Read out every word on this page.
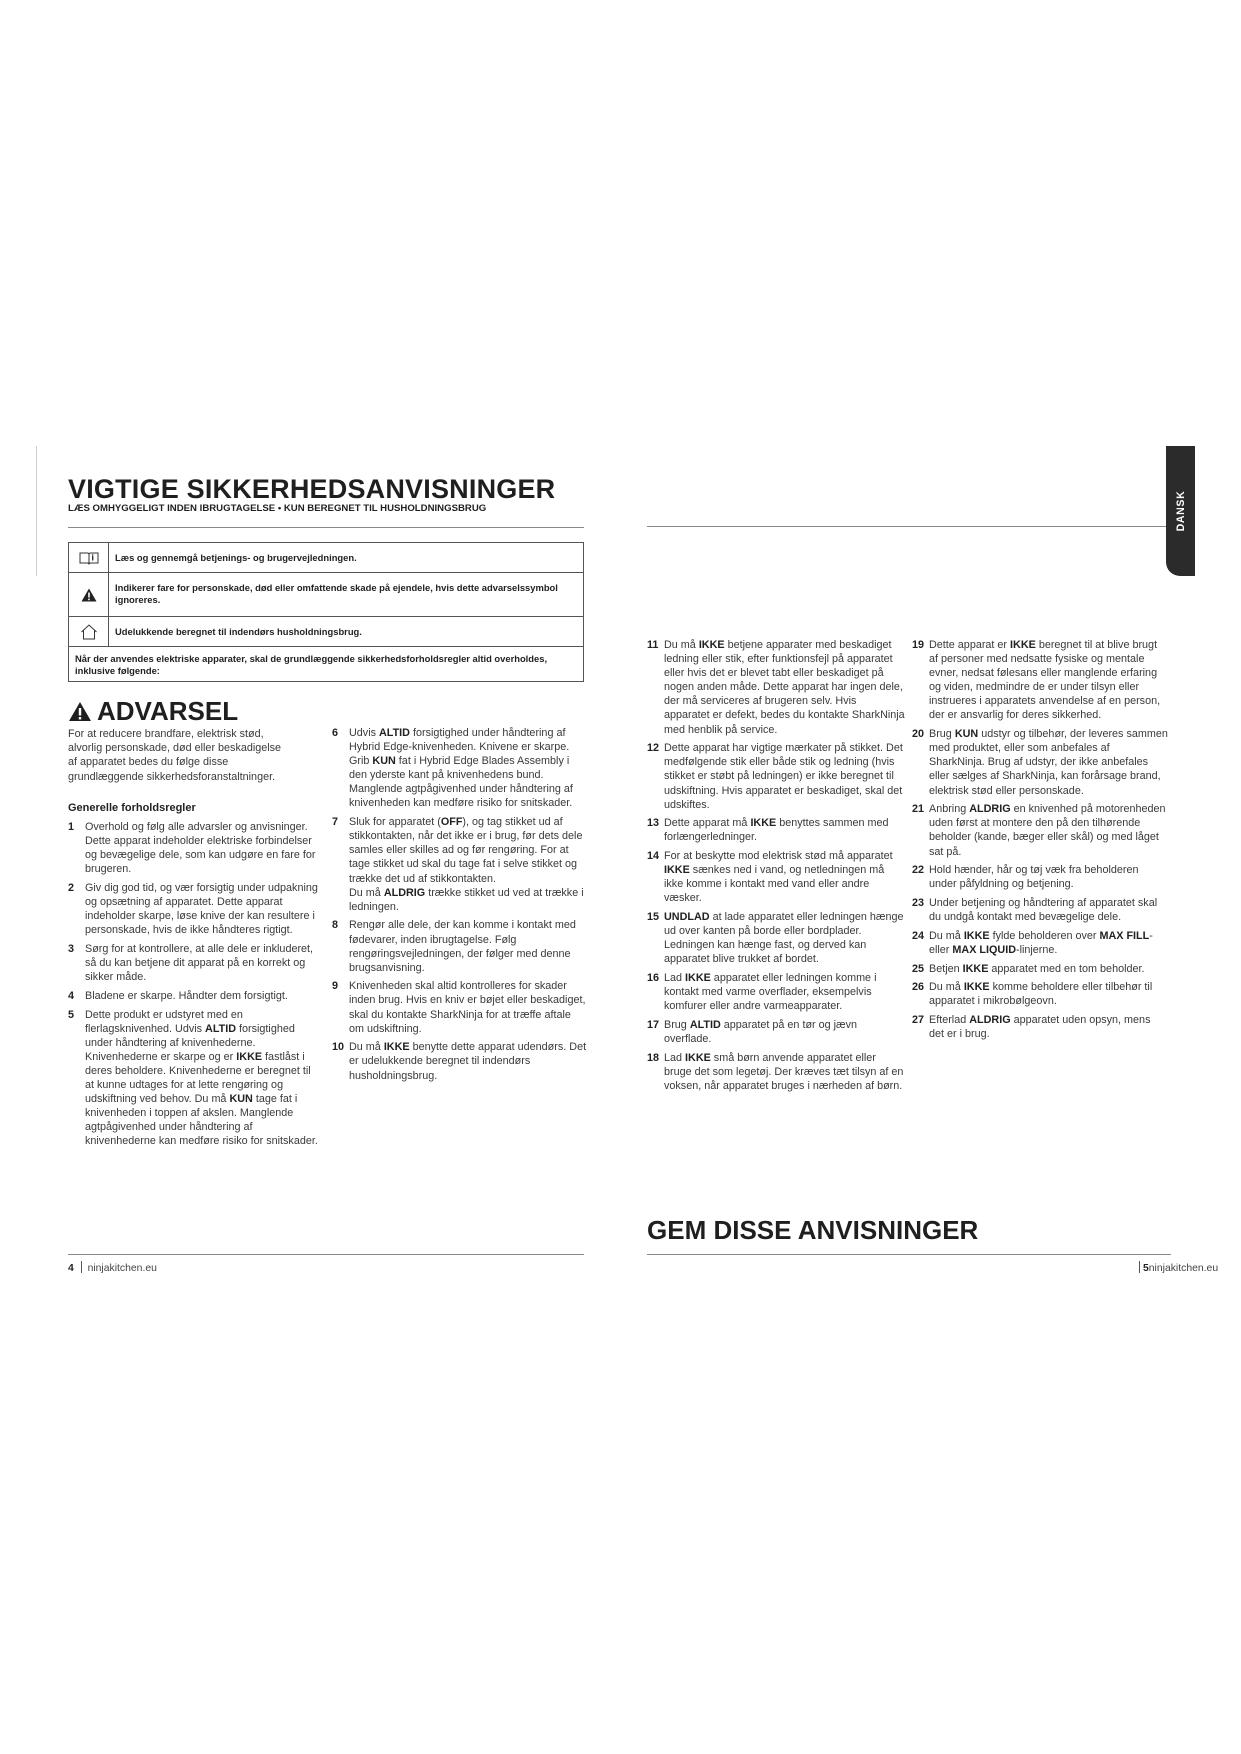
VIGTIGE SIKKERHEDSANVISNINGER
LÆS OMHYGGELIGT INDEN IBRUGTAGELSE • KUN BEREGNET TIL HUSHOLDNINGSBRUG
Læs og gennemgå betjenings- og brugervejledningen.
Indikerer fare for personskade, død eller omfattende skade på ejendele, hvis dette advarselssymbol ignoreres.
Udelukkende beregnet til indendørs husholdningsbrug.
Når der anvendes elektriske apparater, skal de grundlæggende sikkerhedsforholdsregler altid overholdes, inklusive følgende:
ADVARSEL
For at reducere brandfare, elektrisk stød, alvorlig personskade, død eller beskadigelse af apparatet bedes du følge disse grundlæggende sikkerhedsforanstaltninger.
Generelle forholdsregler
1 Overhold og følg alle advarsler og anvisninger. Dette apparat indeholder elektriske forbindelser og bevægelige dele, som kan udgøre en fare for brugeren.
2 Giv dig god tid, og vær forsigtig under udpakning og opsætning af apparatet. Dette apparat indeholder skarpe, løse knive der kan resultere i personskade, hvis de ikke håndteres rigtigt.
3 Sørg for at kontrollere, at alle dele er inkluderet, så du kan betjene dit apparat på en korrekt og sikker måde.
4 Bladene er skarpe. Håndter dem forsigtigt.
5 Dette produkt er udstyret med en flerlagsknivenhed. Udvis ALTID forsigtighed under håndtering af knivenhederne. Knivenhederne er skarpe og er IKKE fastlåst i deres beholdere. Knivenhederne er beregnet til at kunne udtages for at lette rengøring og udskiftning ved behov. Du må KUN tage fat i knivenheden i toppen af akslen. Manglende agtpågivenhed under håndtering af knivenhederne kan medføre risiko for snitskader.
6 Udvis ALTID forsigtighed under håndtering af Hybrid Edge-knivenheden. Knivene er skarpe. Grib KUN fat i Hybrid Edge Blades Assembly i den yderste kant på knivenhedens bund. Manglende agtpågivenhed under håndtering af knivenheden kan medføre risiko for snitskader.
7 Sluk for apparatet (OFF), og tag stikket ud af stikkontakten, når det ikke er i brug, før dets dele samles eller skilles ad og før rengøring. For at tage stikket ud skal du tage fat i selve stikket og trække det ud af stikkontakten.
Du må ALDRIG trække stikket ud ved at trække i ledningen.
8 Rengør alle dele, der kan komme i kontakt med fødevarer, inden ibrugtagelse. Følg rengøringsvejledningen, der følger med denne brugsanvisning.
9 Knivenheden skal altid kontrolleres for skader inden brug. Hvis en kniv er bøjet eller beskadiget, skal du kontakte SharkNinja for at træffe aftale om udskiftning.
10 Du må IKKE benytte dette apparat udendørs. Det er udelukkende beregnet til indendørs husholdningsbrug.
4 ninjakitchen.eu
DANSK
11 Du må IKKE betjene apparater med beskadiget ledning eller stik, efter funktionsfejl på apparatet eller hvis det er blevet tabt eller beskadiget på nogen anden måde. Dette apparat har ingen dele, der må serviceres af brugeren selv. Hvis apparatet er defekt, bedes du kontakte SharkNinja med henblik på service.
12 Dette apparat har vigtige mærkater på stikket. Det medfølgende stik eller både stik og ledning (hvis stikket er støbt på ledningen) er ikke beregnet til udskiftning. Hvis apparatet er beskadiget, skal det udskiftes.
13 Dette apparat må IKKE benyttes sammen med forlængerledninger.
14 For at beskytte mod elektrisk stød må apparatet IKKE sænkes ned i vand, og netledningen må ikke komme i kontakt med vand eller andre væsker.
15 UNDLAD at lade apparatet eller ledningen hænge ud over kanten på borde eller bordplader. Ledningen kan hænge fast, og derved kan apparatet blive trukket af bordet.
16 Lad IKKE apparatet eller ledningen komme i kontakt med varme overflader, eksempelvis komfurer eller andre varmeapparater.
17 Brug ALTID apparatet på en tør og jævn overflade.
18 Lad IKKE små børn anvende apparatet eller bruge det som legetøj. Der kræves tæt tilsyn af en voksen, når apparatet bruges i nærheden af børn.
19 Dette apparat er IKKE beregnet til at blive brugt af personer med nedsatte fysiske og mentale evner, nedsat følesans eller manglende erfaring og viden, medmindre de er under tilsyn eller instrueres i apparatets anvendelse af en person, der er ansvarlig for deres sikkerhed.
20 Brug KUN udstyr og tilbehør, der leveres sammen med produktet, eller som anbefales af SharkNinja. Brug af udstyr, der ikke anbefales eller sælges af SharkNinja, kan forårsage brand, elektrisk stød eller personskade.
21 Anbring ALDRIG en knivenhed på motorenheden uden først at montere den på den tilhørende beholder (kande, bæger eller skål) og med låget sat på.
22 Hold hænder, hår og tøj væk fra beholderen under påfyldning og betjening.
23 Under betjening og håndtering af apparatet skal du undgå kontakt med bevægelige dele.
24 Du må IKKE fylde beholderen over MAX FILL- eller MAX LIQUID-linjerne.
25 Betjen IKKE apparatet med en tom beholder.
26 Du må IKKE komme beholdere eller tilbehør til apparatet i mikrobølgeovn.
27 Efterlad ALDRIG apparatet uden opsyn, mens det er i brug.
GEM DISSE ANVISNINGER
5ninjakitchen.eu
